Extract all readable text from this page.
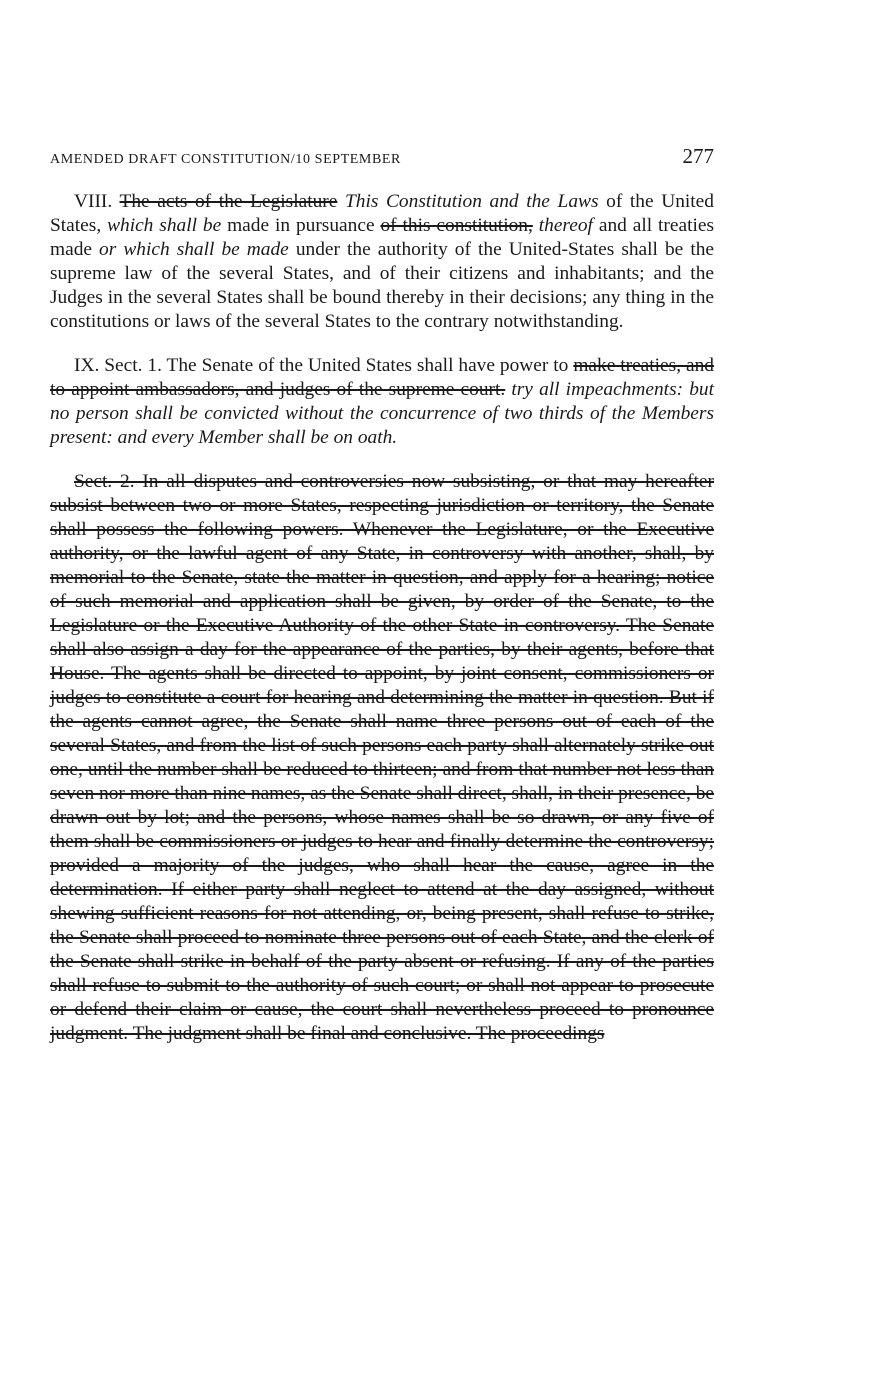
AMENDED DRAFT CONSTITUTION/10 SEPTEMBER	277

VIII. The acts of the Legislature This Constitution and the Laws of the United States, which shall be made in pursuance of this constitution, thereof and all treaties made or which shall be made under the authority of the United-States shall be the supreme law of the several States, and of their citizens and inhabitants; and the Judges in the several States shall be bound thereby in their decisions; any thing in the constitutions or laws of the several States to the contrary notwithstanding.

IX. Sect. 1. The Senate of the United States shall have power to make treaties, and to appoint ambassadors, and judges of the supreme court. try all impeachments: but no person shall be convicted without the concurrence of two thirds of the Members present: and every Member shall be on oath.

Sect. 2. In all disputes and controversies now subsisting, or that may hereafter subsist between two or more States, respecting jurisdiction or territory, the Senate shall possess the following powers. Whenever the Legislature, or the Executive authority, or the lawful agent of any State, in controversy with another, shall, by memorial to the Senate, state the matter in question, and apply for a hearing; notice of such memorial and application shall be given, by order of the Senate, to the Legislature or the Executive Authority of the other State in controversy. The Senate shall also assign a day for the appearance of the parties, by their agents, before that House. The agents shall be directed to appoint, by joint consent, commissioners or judges to constitute a court for hearing and determining the matter in question. But if the agents cannot agree, the Senate shall name three persons out of each of the several States, and from the list of such persons each party shall alternately strike out one, until the number shall be reduced to thirteen; and from that number not less than seven nor more than nine names, as the Senate shall direct, shall, in their presence, be drawn out by lot; and the persons, whose names shall be so drawn, or any five of them shall be commissioners or judges to hear and finally determine the controversy; provided a majority of the judges, who shall hear the cause, agree in the determination. If either party shall neglect to attend at the day assigned, without shewing sufficient reasons for not attending, or, being present, shall refuse to strike, the Senate shall proceed to nominate three persons out of each State, and the clerk of the Senate shall strike in behalf of the party absent or refusing. If any of the parties shall refuse to submit to the authority of such court; or shall not appear to prosecute or defend their claim or cause, the court shall nevertheless proceed to pronounce judgment. The judgment shall be final and conclusive. The proceedings
